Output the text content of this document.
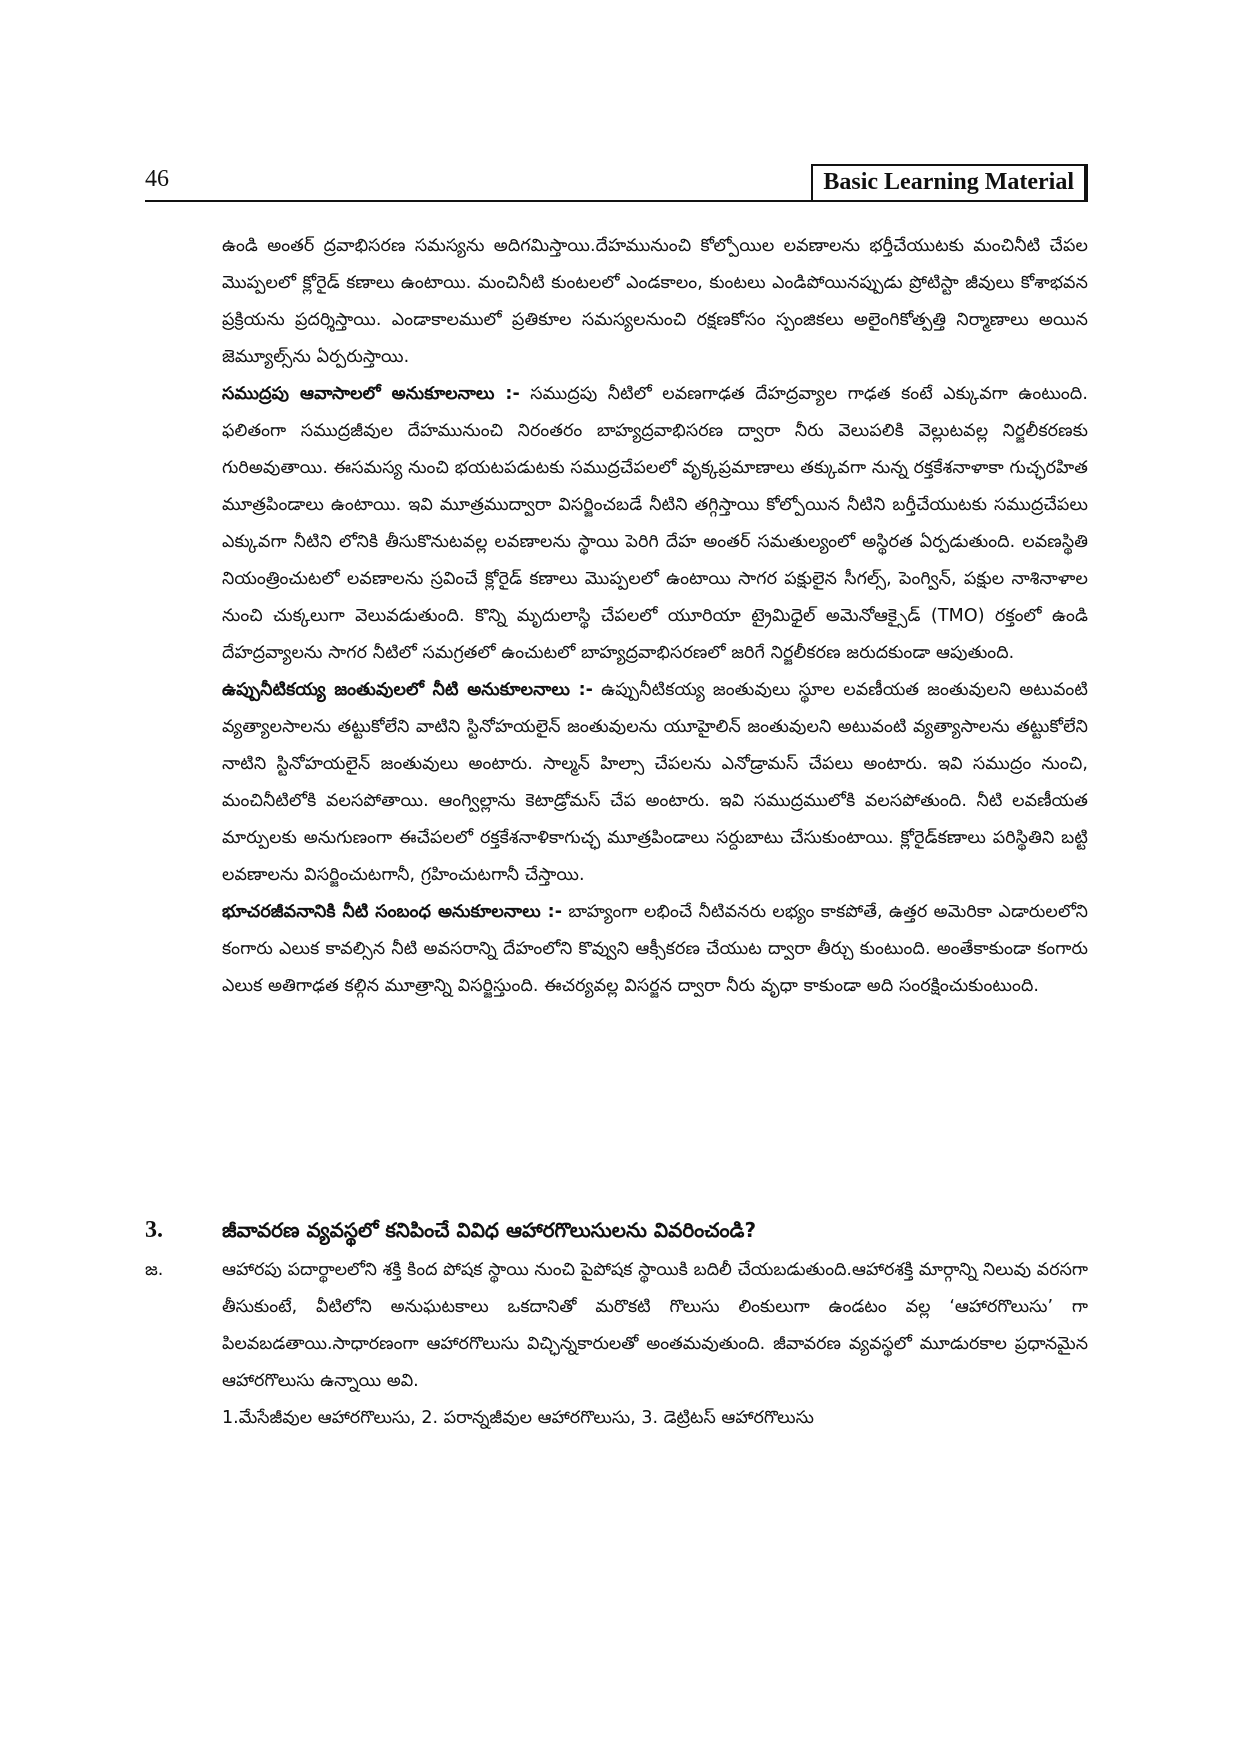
46	Basic Learning Material

ఉండి అంతర్ ద్రవాభిసరణ సమస్యను అదిగమిస్తాయి.దేహమునుంచి కోల్పోయిల లవణాలను భర్తీచేయుటకు మంచినీటి చేపల మొప్పలలో క్లోరైడ్ కణాలు ఉంటాయి. మంచినీటి కుంటలలో ఎండకాలం, కుంటలు ఎండిపోయినప్పుడు ప్రోటిస్టా జీవులు కోశాభవన ప్రక్రియను ప్రదర్శిస్తాయి. ఎండాకాలములో ప్రతికూల సమస్యలనుంచి రక్షణకోసం స్పంజికలు అలైంగికోత్పత్తి నిర్మాణాలు అయిన జెమ్యూల్స్‌ను ఏర్పరుస్తాయి.

సముద్రపు ఆవాసాలలో అనుకూలనాలు :- సముద్రపు నీటిలో లవణగాఢత దేహద్రవ్యాల గాఢత కంటే ఎక్కువగా ఉంటుంది. ఫలితంగా సముద్రజీవుల దేహమునుంచి నిరంతరం బాహ్యద్రవాభిసరణ ద్వారా నీరు వెలుపలికి వెల్లుటవల్ల నిర్జలీకరణకు గురిఅవుతాయి. ఈసమస్య నుంచి భయటపడుటకు సముద్రచేపలలో వృక్కప్రమాణాలు తక్కువగా నున్న రక్తకేశనాళాకా గుచ్ఛరహిత మూత్రపిండాలు ఉంటాయి. ఇవి మూత్రముద్వారా విసర్జించబడే నీటిని తగ్గిస్తాయి కోల్పోయిన నీటిని బర్తీచేయుటకు సముద్రచేపలు ఎక్కువగా నీటిని లోనికి తీసుకొనుటవల్ల లవణాలను స్థాయి పెరిగి దేహ అంతర్ సమతుల్యంలో అస్థిరత ఏర్పడుతుంది. లవణస్థితి నియంత్రించుటలో లవణాలను స్రవించే క్లోరైడ్ కణాలు మొప్పలలో ఉంటాయి సాగర పక్షులైన సీగల్స్, పెంగ్విన్, పక్షుల నాశినాళాల నుంచి చుక్కలుగా వెలువడుతుంది. కొన్ని మృదులాస్థి చేపలలో యూరియా ట్రైమిధైల్ అమెనోఆక్సైడ్ (TMO) రక్తంలో ఉండి దేహద్రవ్యాలను సాగర నీటిలో సమగ్రతలో ఉంచుటలో బాహ్యద్రవాభిసరణలో జరిగే నిర్జలీకరణ జరుదకుండా ఆపుతుంది.

ఉప్పునీటికయ్య జంతువులలో నీటి అనుకూలనాలు :- ఉప్పునీటికయ్య జంతువులు స్థూల లవణీయత జంతువులని అటువంటి వ్యత్యాలసాలను తట్టుకోలేని వాటిని స్టినోహయలైన్ జంతువులను యూహైలిన్ జంతువులని అటువంటి వ్యత్యాసాలను తట్టుకోలేని నాటిని స్టినోహయలైన్ జంతువులు అంటారు. సాల్మన్ హిల్సా చేపలను ఎనోడ్రామస్ చేపలు అంటారు. ఇవి సముద్రం నుంచి, మంచినీటిలోకి వలసపోతాయి. ఆంగ్విల్లాను కెటాడ్రోమస్ చేప అంటారు. ఇవి సముద్రములోకి వలసపోతుంది. నీటి లవణీయత మార్పులకు అనుగుణంగా ఈచేపలలో రక్తకేశనాళికాగుచ్ఛ మూత్రపిండాలు సర్దుబాటు చేసుకుంటాయి. క్లోరైడ్‌కణాలు పరిస్థితిని బట్టి లవణాలను విసర్జించుటగానీ, గ్రహించుటగానీ చేస్తాయి.

భూచరజీవనానికి నీటి సంబంధ అనుకూలనాలు :- బాహ్యంగా లభించే నీటివనరు లభ్యం కాకపోతే, ఉత్తర అమెరికా ఎడారులలోని కంగారు ఎలుక కావల్సిన నీటి అవసరాన్ని దేహంలోని కొవ్వుని ఆక్సీకరణ చేయుట ద్వారా తీర్చు కుంటుంది. అంతేకాకుండా కంగారు ఎలుక అతిగాఢత కల్గిన మూత్రాన్ని విసర్జిస్తుంది. ఈచర్యవల్ల విసర్జన ద్వారా నీరు వృధా కాకుండా అది సంరక్షించుకుంటుంది.

3.	జీవావరణ వ్యవస్థలో కనిపించే వివిధ ఆహారగొలుసులను వివరించండి?
జ.	ఆహారపు పదార్థాలలోని శక్తి కింద పోషక స్థాయి నుంచి పైపోషక స్థాయికి బదిలీ చేయబడుతుంది.ఆహారశక్తి మార్గాన్ని నిలువు వరసగా తీసుకుంటే, వీటిలోని అనుఘటకాలు ఒకదానితో మరొకటి గొలుసు లింకులుగా ఉండటం వల్ల ‘ఆహారగొలుసు’ గా పిలవబడతాయి.సాధారణంగా ఆహారగొలుసు విచ్ఛిన్నకారులతో అంతమవుతుంది. జీవావరణ వ్యవస్థలో మూడురకాల ప్రధానమైన ఆహారగొలుసు ఉన్నాయి అవి.
1.మేసేజీవుల ఆహారగొలుసు, 2. పరాన్నజీవుల ఆహారగొలుసు, 3. డెట్రిటస్ ఆహారగొలుసు
